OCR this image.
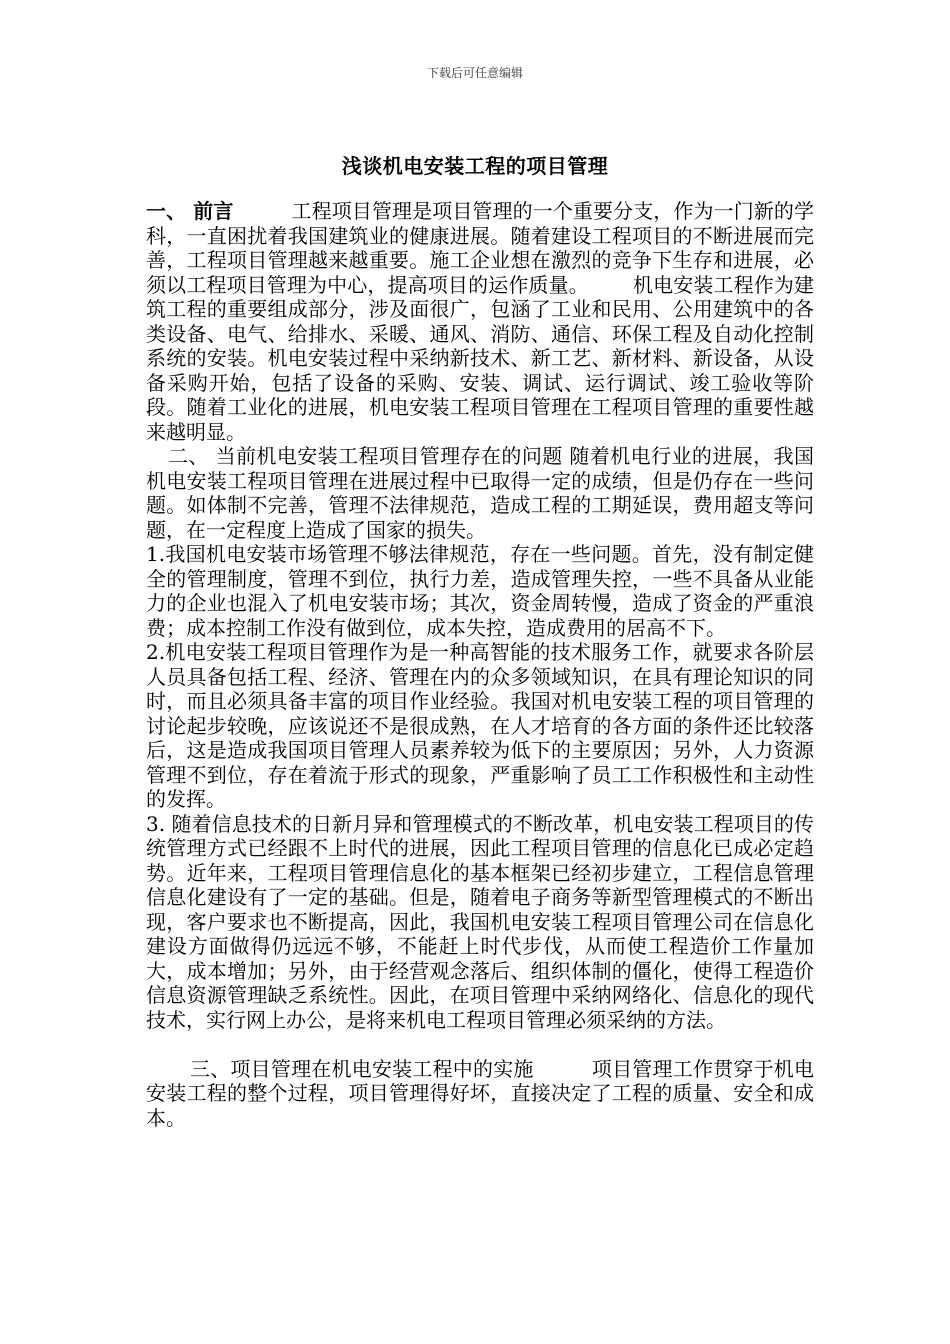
下载后可任意编辑
浅谈机电安装工程的项目管理

一、 前言	工程项目管理是项目管理的一个重要分支，作为一门新的学科，一直困扰着我国建筑业的健康进展。随着建设工程项目的不断进展而完善，工程项目管理越来越重要。施工企业想在激烈的竞争下生存和进展，必须以工程项目管理为中心，提高项目的运作质量。 机电安装工程作为建筑工程的重要组成部分，涉及面很广，包涵了工业和民用、公用建筑中的各类设备、电气、给排水、采暖、通风、消防、通信、环保工程及自动化控制系统的安装。机电安装过程中采纳新技术、新工艺、新材料、新设备，从设备采购开始，包括了设备的采购、安装、调试、运行调试、竣工验收等阶段。随着工业化的进展，机电安装工程项目管理在工程项目管理的重要性越来越明显。

二、 当前机电安装工程项目管理存在的问题 随着机电行业的进展，我国机电安装工程项目管理在进展过程中已取得一定的成绩，但是仍存在一些问题。如体制不完善，管理不法律规范，造成工程的工期延误，费用超支等问题，在一定程度上造成了国家的损失。

1.我国机电安装市场管理不够法律规范，存在一些问题。首先，没有制定健全的管理制度，管理不到位，执行力差，造成管理失控，一些不具备从业能力的企业也混入了机电安装市场；其次，资金周转慢，造成了资金的严重浪费；成本控制工作没有做到位，成本失控，造成费用的居高不下。

2.机电安装工程项目管理作为是一种高智能的技术服务工作，就要求各阶层人员具备包括工程、经济、管理在内的众多领域知识，在具有理论知识的同时，而且必须具备丰富的项目作业经验。我国对机电安装工程的项目管理的讨论起步较晚，应该说还不是很成熟，在人才培育的各方面的条件还比较落后，这是造成我国项目管理人员素养较为低下的主要原因；另外，人力资源管理不到位，存在着流于形式的现象，严重影响了员工工作积极性和主动性的发挥。

3. 随着信息技术的日新月异和管理模式的不断改革，机电安装工程项目的传统管理方式已经跟不上时代的进展，因此工程项目管理的信息化已成必定趋势。近年来，工程项目管理信息化的基本框架已经初步建立，工程信息管理信息化建设有了一定的基础。但是，随着电子商务等新型管理模式的不断出现，客户要求也不断提高，因此，我国机电安装工程项目管理公司在信息化建设方面做得仍远远不够，不能赶上时代步伐，从而使工程造价工作量加大，成本增加；另外，由于经营观念落后、组织体制的僵化，使得工程造价信息资源管理缺乏系统性。因此，在项目管理中采纳网络化、信息化的现代技术，实行网上办公，是将来机电工程项目管理必须采纳的方法。

三、项目管理在机电安装工程中的实施	项目管理工作贯穿于机电安装工程的整个过程，项目管理得好坏，直接决定了工程的质量、安全和成本。
